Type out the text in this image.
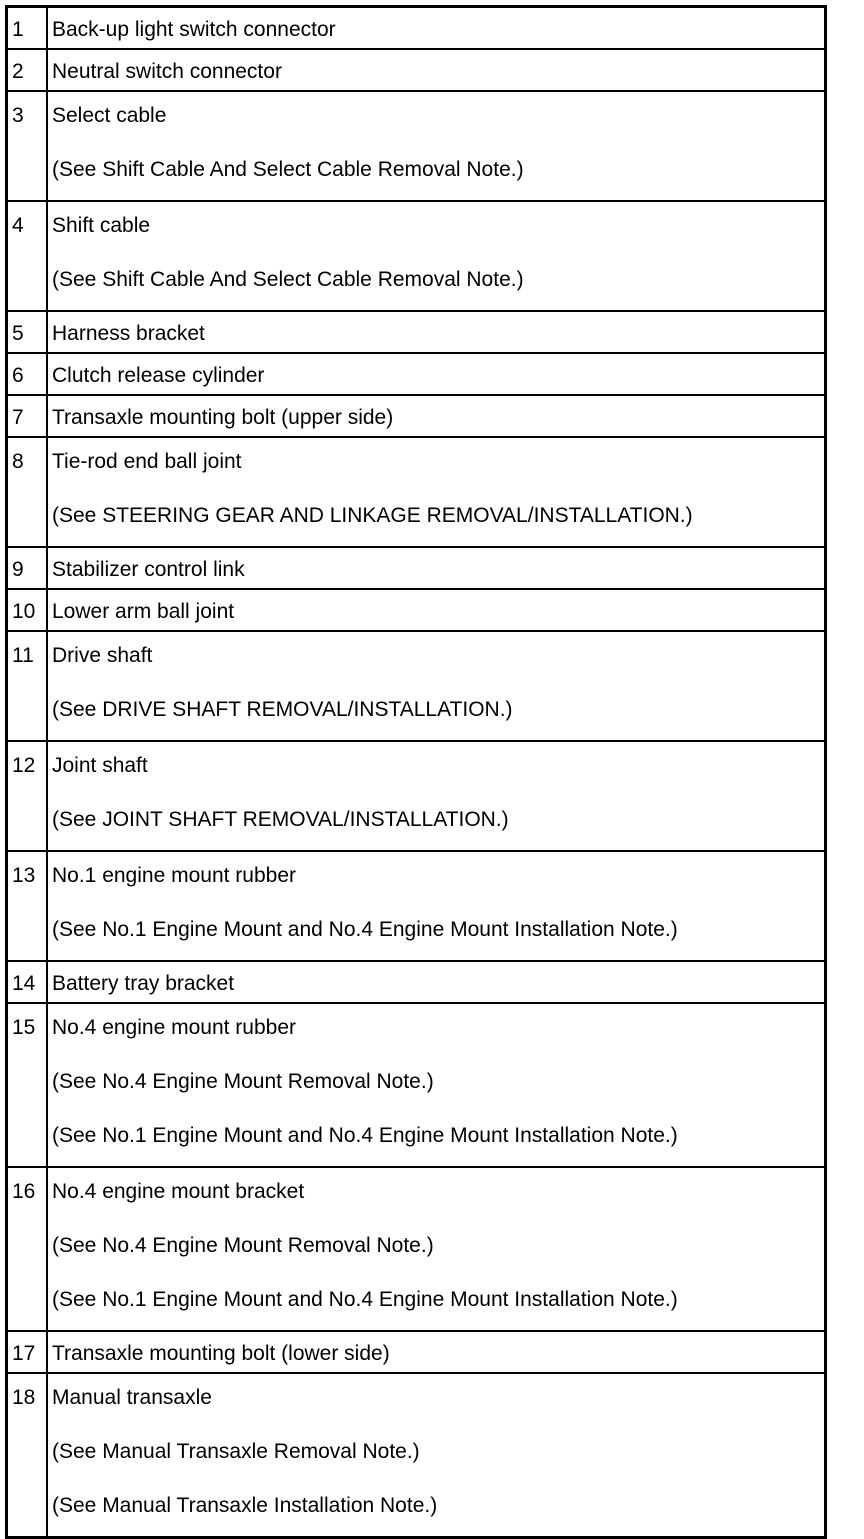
1	Back-up light switch connector

2	Neutral switch connector

3	Select cable
(See Shift Cable And Select Cable Removal Note.)

4	Shift cable
(See Shift Cable And Select Cable Removal Note.)

5	Harness bracket

6	Clutch release cylinder

7	Transaxle mounting bolt (upper side)

8	Tie-rod end ball joint
(See STEERING GEAR AND LINKAGE REMOVAL/INSTALLATION.)

9	Stabilizer control link

10	Lower arm ball joint

11	Drive shaft
(See DRIVE SHAFT REMOVAL/INSTALLATION.)

12	Joint shaft
(See JOINT SHAFT REMOVAL/INSTALLATION.)

13	No.1 engine mount rubber
(See No.1 Engine Mount and No.4 Engine Mount Installation Note.)

14	Battery tray bracket

15	No.4 engine mount rubber
(See No.4 Engine Mount Removal Note.)
(See No.1 Engine Mount and No.4 Engine Mount Installation Note.)

16	No.4 engine mount bracket
(See No.4 Engine Mount Removal Note.)
(See No.1 Engine Mount and No.4 Engine Mount Installation Note.)

17	Transaxle mounting bolt (lower side)

18	Manual transaxle
(See Manual Transaxle Removal Note.)
(See Manual Transaxle Installation Note.)
